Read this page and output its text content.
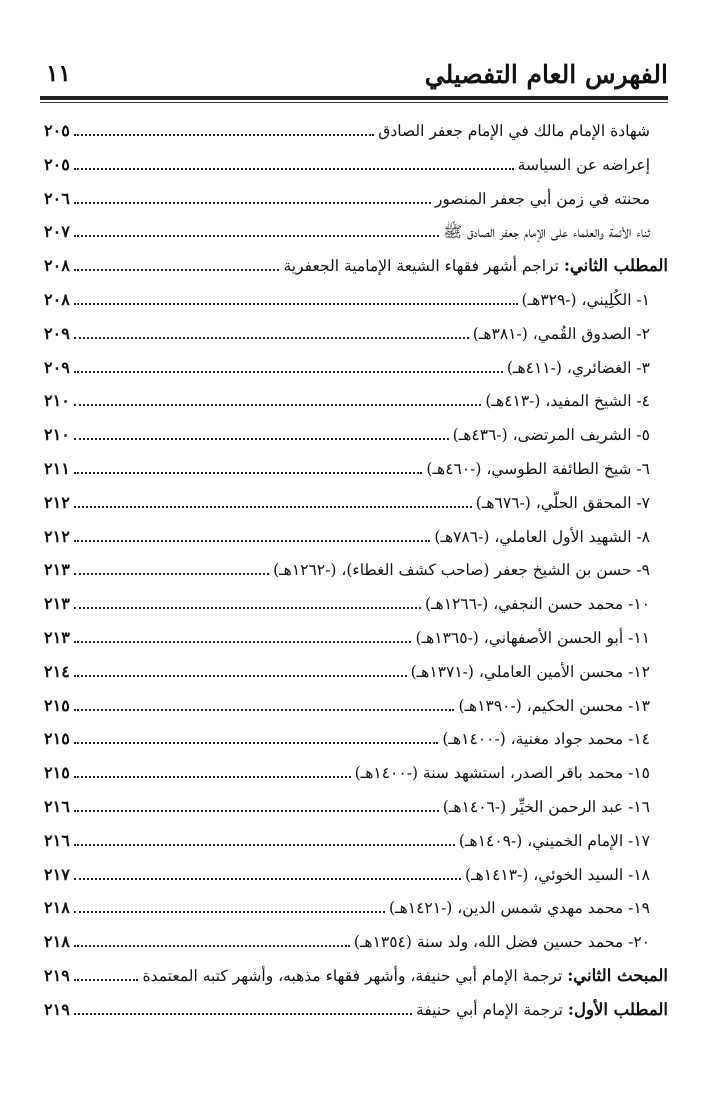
الفهرس العام التفصيلي
١١
شهادة الإمام مالك في الإمام جعفر الصادق
٢٠٥
إعراضه عن السياسة
٢٠٥
محنته في زمن أبي جعفر المنصور
٢٠٦
ثناء الأئمة والعلماء على الإمام جعفر الصادق ﷺ
٢٠٧
المطلب الثاني: تراجم أشهر فقهاء الشيعة الإمامية الجعفرية
٢٠٨
١- الكُلِيني، (-٣٢٩هـ)
٢٠٨
٢- الصدوق القُمي، (-٣٨١هـ)
٢٠٩
٣- الغضائري، (-٤١١هـ)
٢٠٩
٤- الشيخ المفيد، (-٤١٣هـ)
٢١٠
٥- الشريف المرتضى، (-٤٣٦هـ)
٢١٠
٦- شيخ الطائفة الطوسي، (-٤٦٠هـ)
٢١١
٧- المحقق الحلّي، (-٦٧٦هـ)
٢١٢
٨- الشهيد الأول العاملي، (-٧٨٦هـ)
٢١٢
٩- حسن بن الشيخ جعفر (صاحب كشف الغطاء)، (-١٢٦٢هـ)
٢١٣
١٠- محمد حسن النجفي، (-١٢٦٦هـ)
٢١٣
١١- أبو الحسن الأصفهاني، (-١٣٦٥هـ)
٢١٣
١٢- محسن الأمين العاملي، (-١٣٧١هـ)
٢١٤
١٣- محسن الحكيم، (-١٣٩٠هـ)
٢١٥
١٤- محمد جواد مغنية، (-١٤٠٠هـ)
٢١٥
١٥- محمد باقر الصدر، استشهد سنة (-١٤٠٠هـ)
٢١٥
١٦- عبد الرحمن الخيِّر (-١٤٠٦هـ)
٢١٦
١٧- الإمام الخميني، (-١٤٠٩هـ)
٢١٦
١٨- السيد الخوئي، (-١٤١٣هـ)
٢١٧
١٩- محمد مهدي شمس الدين، (-١٤٢١هـ)
٢١٨
٢٠- محمد حسين فضل الله، ولد سنة (١٣٥٤هـ)
٢١٨
المبحث الثاني: ترجمة الإمام أبي حنيفة، وأشهر فقهاء مذهبه، وأشهر كتبه المعتمدة
٢١٩
المطلب الأول: ترجمة الإمام أبي حنيفة
٢١٩
